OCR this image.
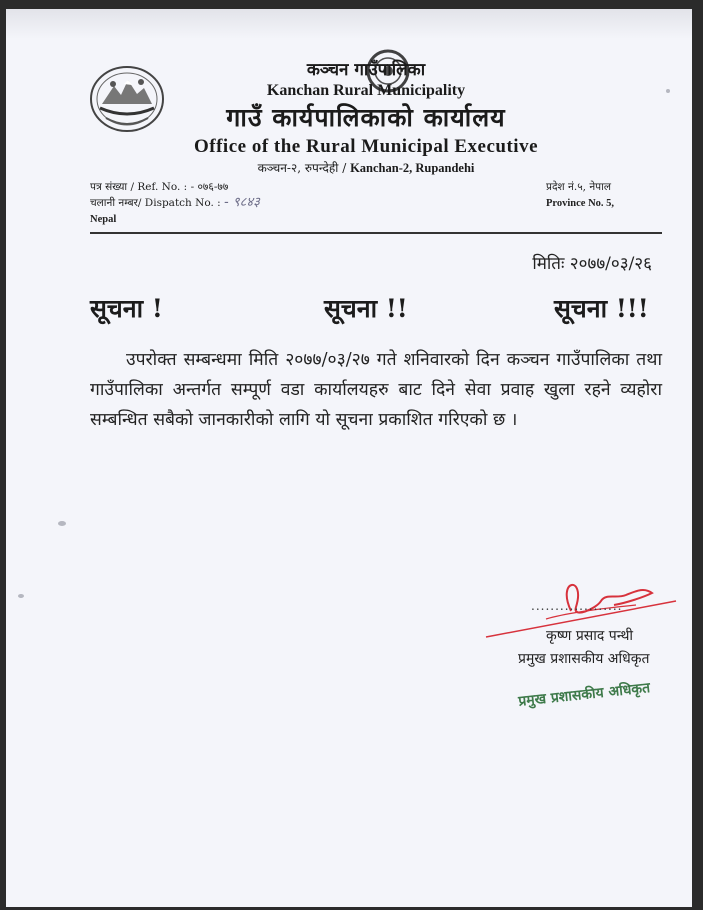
कञ्चन गाउँपालिका
Kanchan Rural Municipality
गाउँ कार्यपालिकाको कार्यालय
Office of the Rural Municipal Executive
कञ्चन-२, रुपन्देही / Kanchan-2, Rupandehi
पत्र संख्या / Ref. No. : - ०७६-७७
चलानी नम्बर/ Dispatch No. : - ९८४३
Nepal
प्रदेश नं.५, नेपाल
Province No. 5,
मितिः २०७७/०३/२६
सूचना !	सूचना !!	सूचना !!!
उपरोक्त सम्बन्धमा मिति २०७७/०३/२७ गते शनिवारको दिन कञ्चन गाउँपालिका तथा गाउँपालिका अन्तर्गत सम्पूर्ण वडा कार्यालयहरु बाट दिने सेवा प्रवाह खुला रहने व्यहोरा सम्बन्धित सबैको जानकारीको लागि यो सूचना प्रकाशित गरिएको छ ।
...................
कृष्ण प्रसाद पन्थी
प्रमुख प्रशासकीय अधिकृत
प्रमुख प्रशासकीय अधिकृत
